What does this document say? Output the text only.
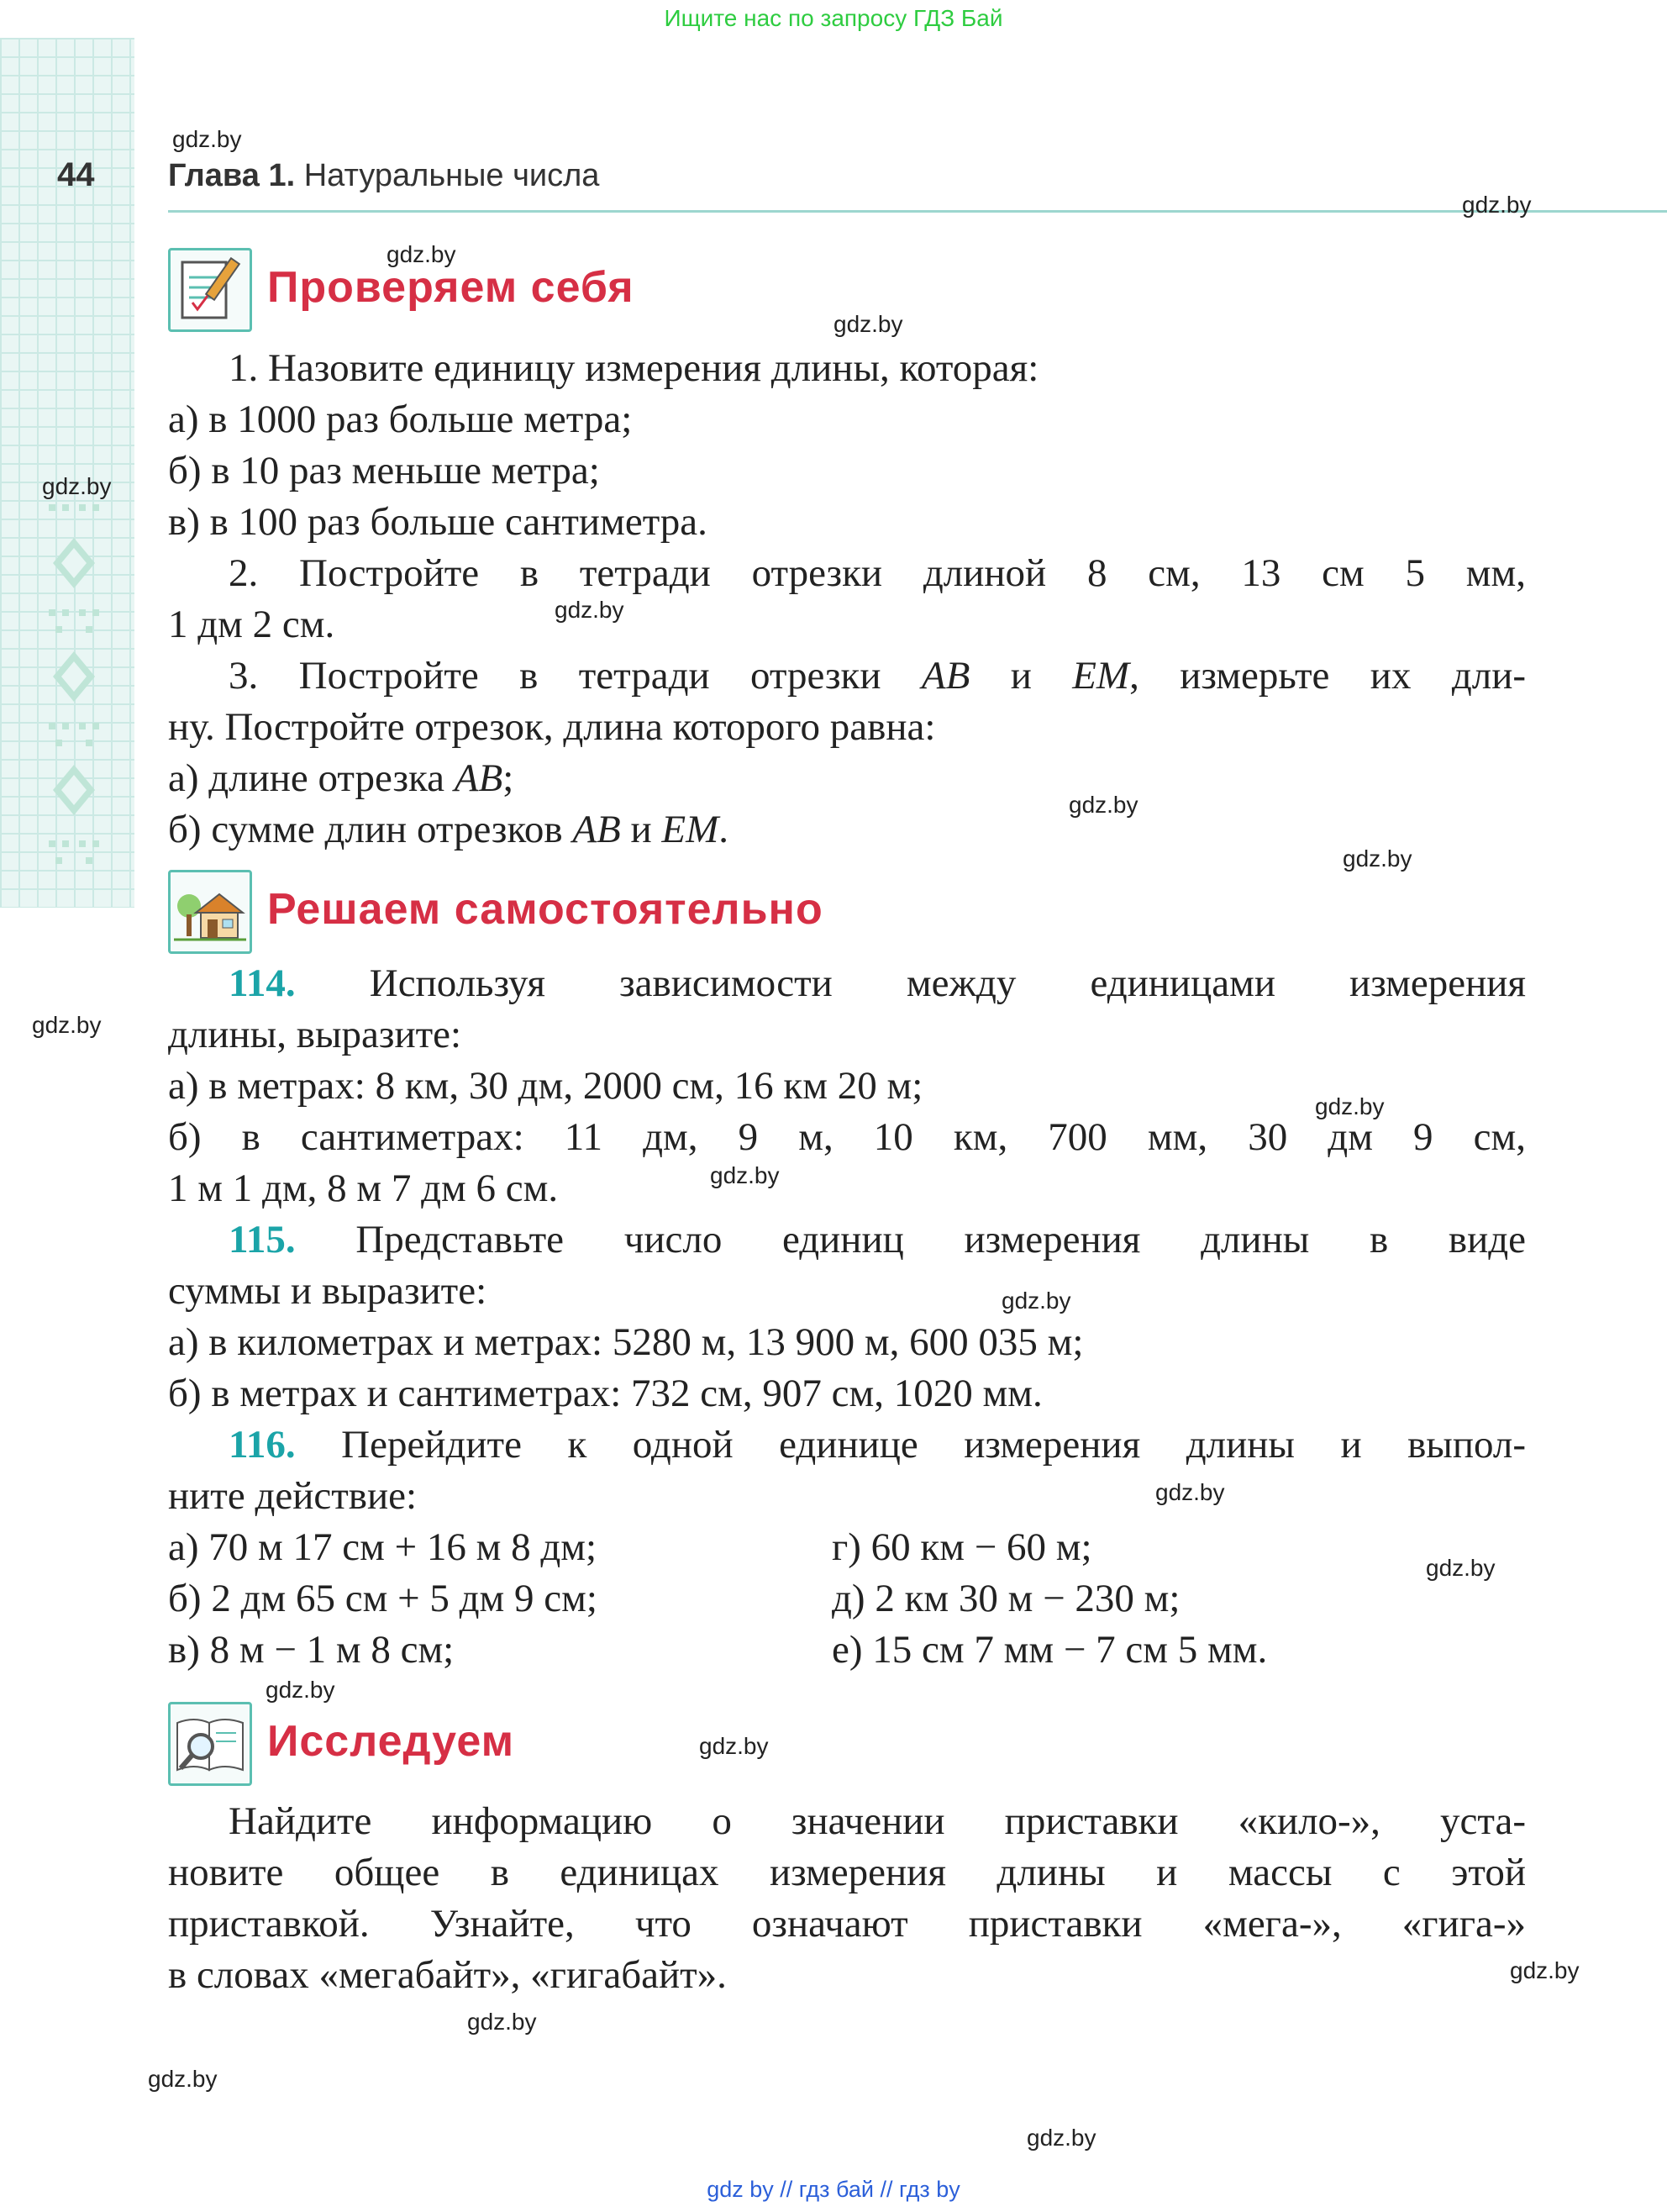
Ищите нас по запросу ГДЗ Бай
44 Глава 1. Натуральные числа
Проверяем себя
1. Назовите единицу измерения длины, которая:
а) в 1000 раз больше метра;
б) в 10 раз меньше метра;
в) в 100 раз больше сантиметра.
2. Постройте в тетради отрезки длиной 8 см, 13 см 5 мм,
1 дм 2 см.
3. Постройте в тетради отрезки AB и EM, измерьте их дли-
ну. Постройте отрезок, длина которого равна:
а) длине отрезка AB;
б) сумме длин отрезков AB и EM.
Решаем самостоятельно
114. Используя зависимости между единицами измерения
длины, выразите:
а) в метрах: 8 км, 30 дм, 2000 см, 16 км 20 м;
б) в сантиметрах: 11 дм, 9 м, 10 км, 700 мм, 30 дм 9 см,
1 м 1 дм, 8 м 7 дм 6 см.
115. Представьте число единиц измерения длины в виде
суммы и выразите:
а) в километрах и метрах: 5280 м, 13 900 м, 600 035 м;
б) в метрах и сантиметрах: 732 см, 907 см, 1020 мм.
116. Перейдите к одной единице измерения длины и выпол-
ните действие:
а) 70 м 17 см + 16 м 8 дм;
б) 2 дм 65 см + 5 дм 9 см;
в) 8 м − 1 м 8 см;
г) 60 км − 60 м;
д) 2 км 30 м − 230 м;
е) 15 см 7 мм − 7 см 5 мм.
Исследуем
Найдите информацию о значении приставки «кило-», уста-
новите общее в единицах измерения длины и массы с этой
приставкой. Узнайте, что означают приставки «мега-», «гига-»
в словах «мегабайт», «гигабайт».
gdz.by
gdz.by
gdz.by
gdz.by
gdz.by
gdz.by
gdz.by
gdz.by
gdz.by
gdz.by
gdz.by
gdz.by
gdz.by
gdz.by
gdz.by
gdz.by
gdz.by
gdz.by
gdz.by
gdz.by
gdz by // гдз бай // гдз by
